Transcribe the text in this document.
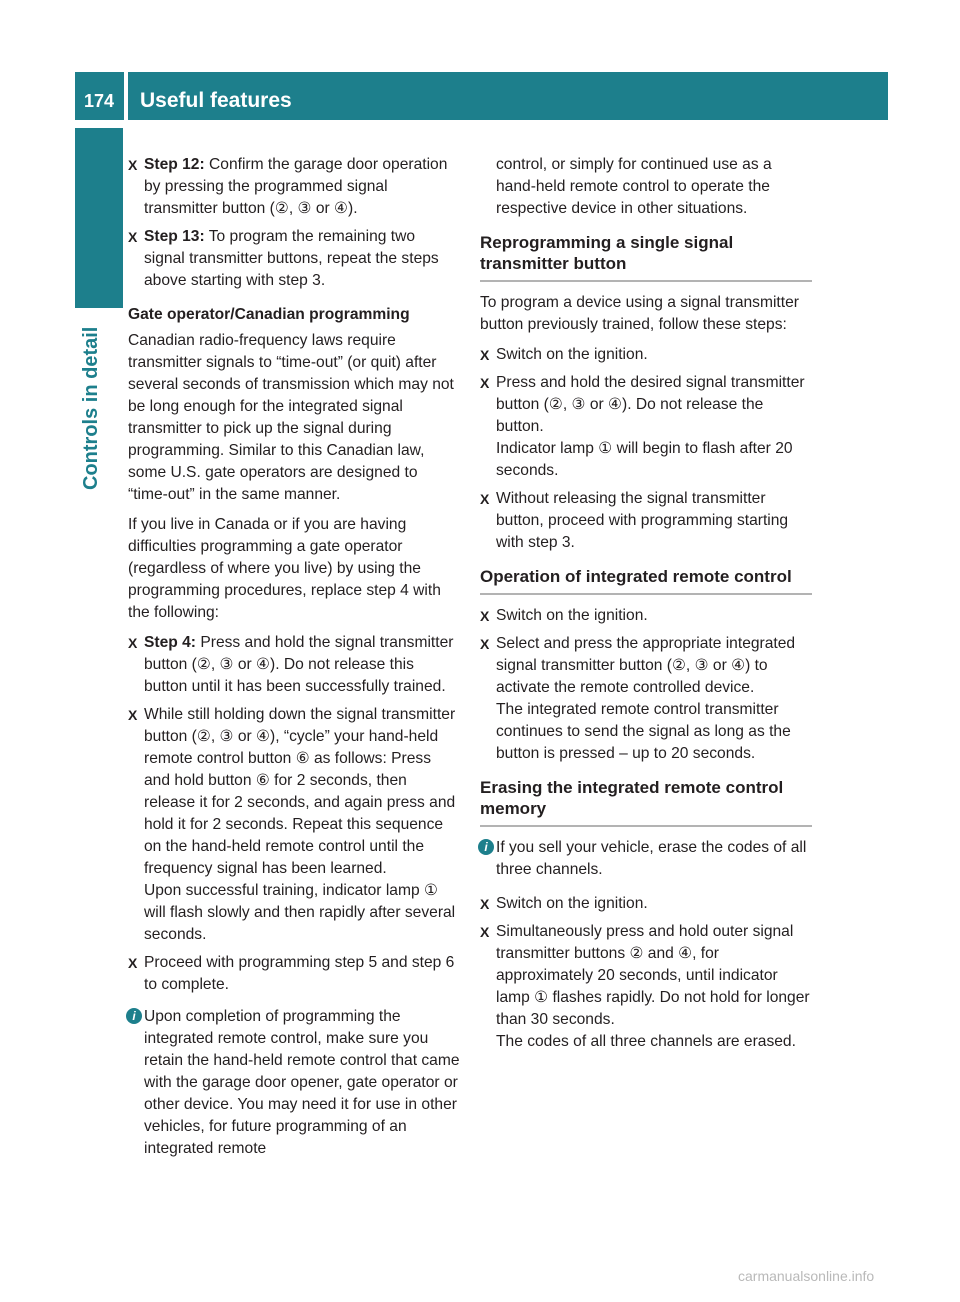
174 Useful features
Controls in detail
X Step 12: Confirm the garage door operation by pressing the programmed signal transmitter button (②, ③ or ④).
X Step 13: To program the remaining two signal transmitter buttons, repeat the steps above starting with step 3.
Gate operator/Canadian programming

Canadian radio-frequency laws require transmitter signals to “time-out” (or quit) after several seconds of transmission which may not be long enough for the integrated signal transmitter to pick up the signal during programming. Similar to this Canadian law, some U.S. gate operators are designed to “time-out” in the same manner.

If you live in Canada or if you are having difficulties programming a gate operator (regardless of where you live) by using the programming procedures, replace step 4 with the following:

X Step 4: Press and hold the signal transmitter button (②, ③ or ④). Do not release this button until it has been successfully trained.
X While still holding down the signal transmitter button (②, ③ or ④), “cycle” your hand-held remote control button ⑥ as follows: Press and hold button ⑥ for 2 seconds, then release it for 2 seconds, and again press and hold it for 2 seconds. Repeat this sequence on the hand-held remote control until the frequency signal has been learned.
Upon successful training, indicator lamp ① will flash slowly and then rapidly after several seconds.
X Proceed with programming step 5 and step 6 to complete.
i Upon completion of programming the integrated remote control, make sure you retain the hand-held remote control that came with the garage door opener, gate operator or other device. You may need it for use in other vehicles, for future programming of an integrated remote

control, or simply for continued use as a hand-held remote control to operate the respective device in other situations.

Reprogramming a single signal transmitter button

To program a device using a signal transmitter button previously trained, follow these steps:

X Switch on the ignition.
X Press and hold the desired signal transmitter button (②, ③ or ④). Do not release the button.
Indicator lamp ① will begin to flash after 20 seconds.
X Without releasing the signal transmitter button, proceed with programming starting with step 3.
Operation of integrated remote control
X Switch on the ignition.
X Select and press the appropriate integrated signal transmitter button (②, ③ or ④) to activate the remote controlled device.
The integrated remote control transmitter continues to send the signal as long as the button is pressed – up to 20 seconds.
Erasing the integrated remote control memory
i If you sell your vehicle, erase the codes of all three channels.
X Switch on the ignition.
X Simultaneously press and hold outer signal transmitter buttons ② and ④, for approximately 20 seconds, until indicator lamp ① flashes rapidly. Do not hold for longer than 30 seconds.
The codes of all three channels are erased.
carmanualsonline.info
